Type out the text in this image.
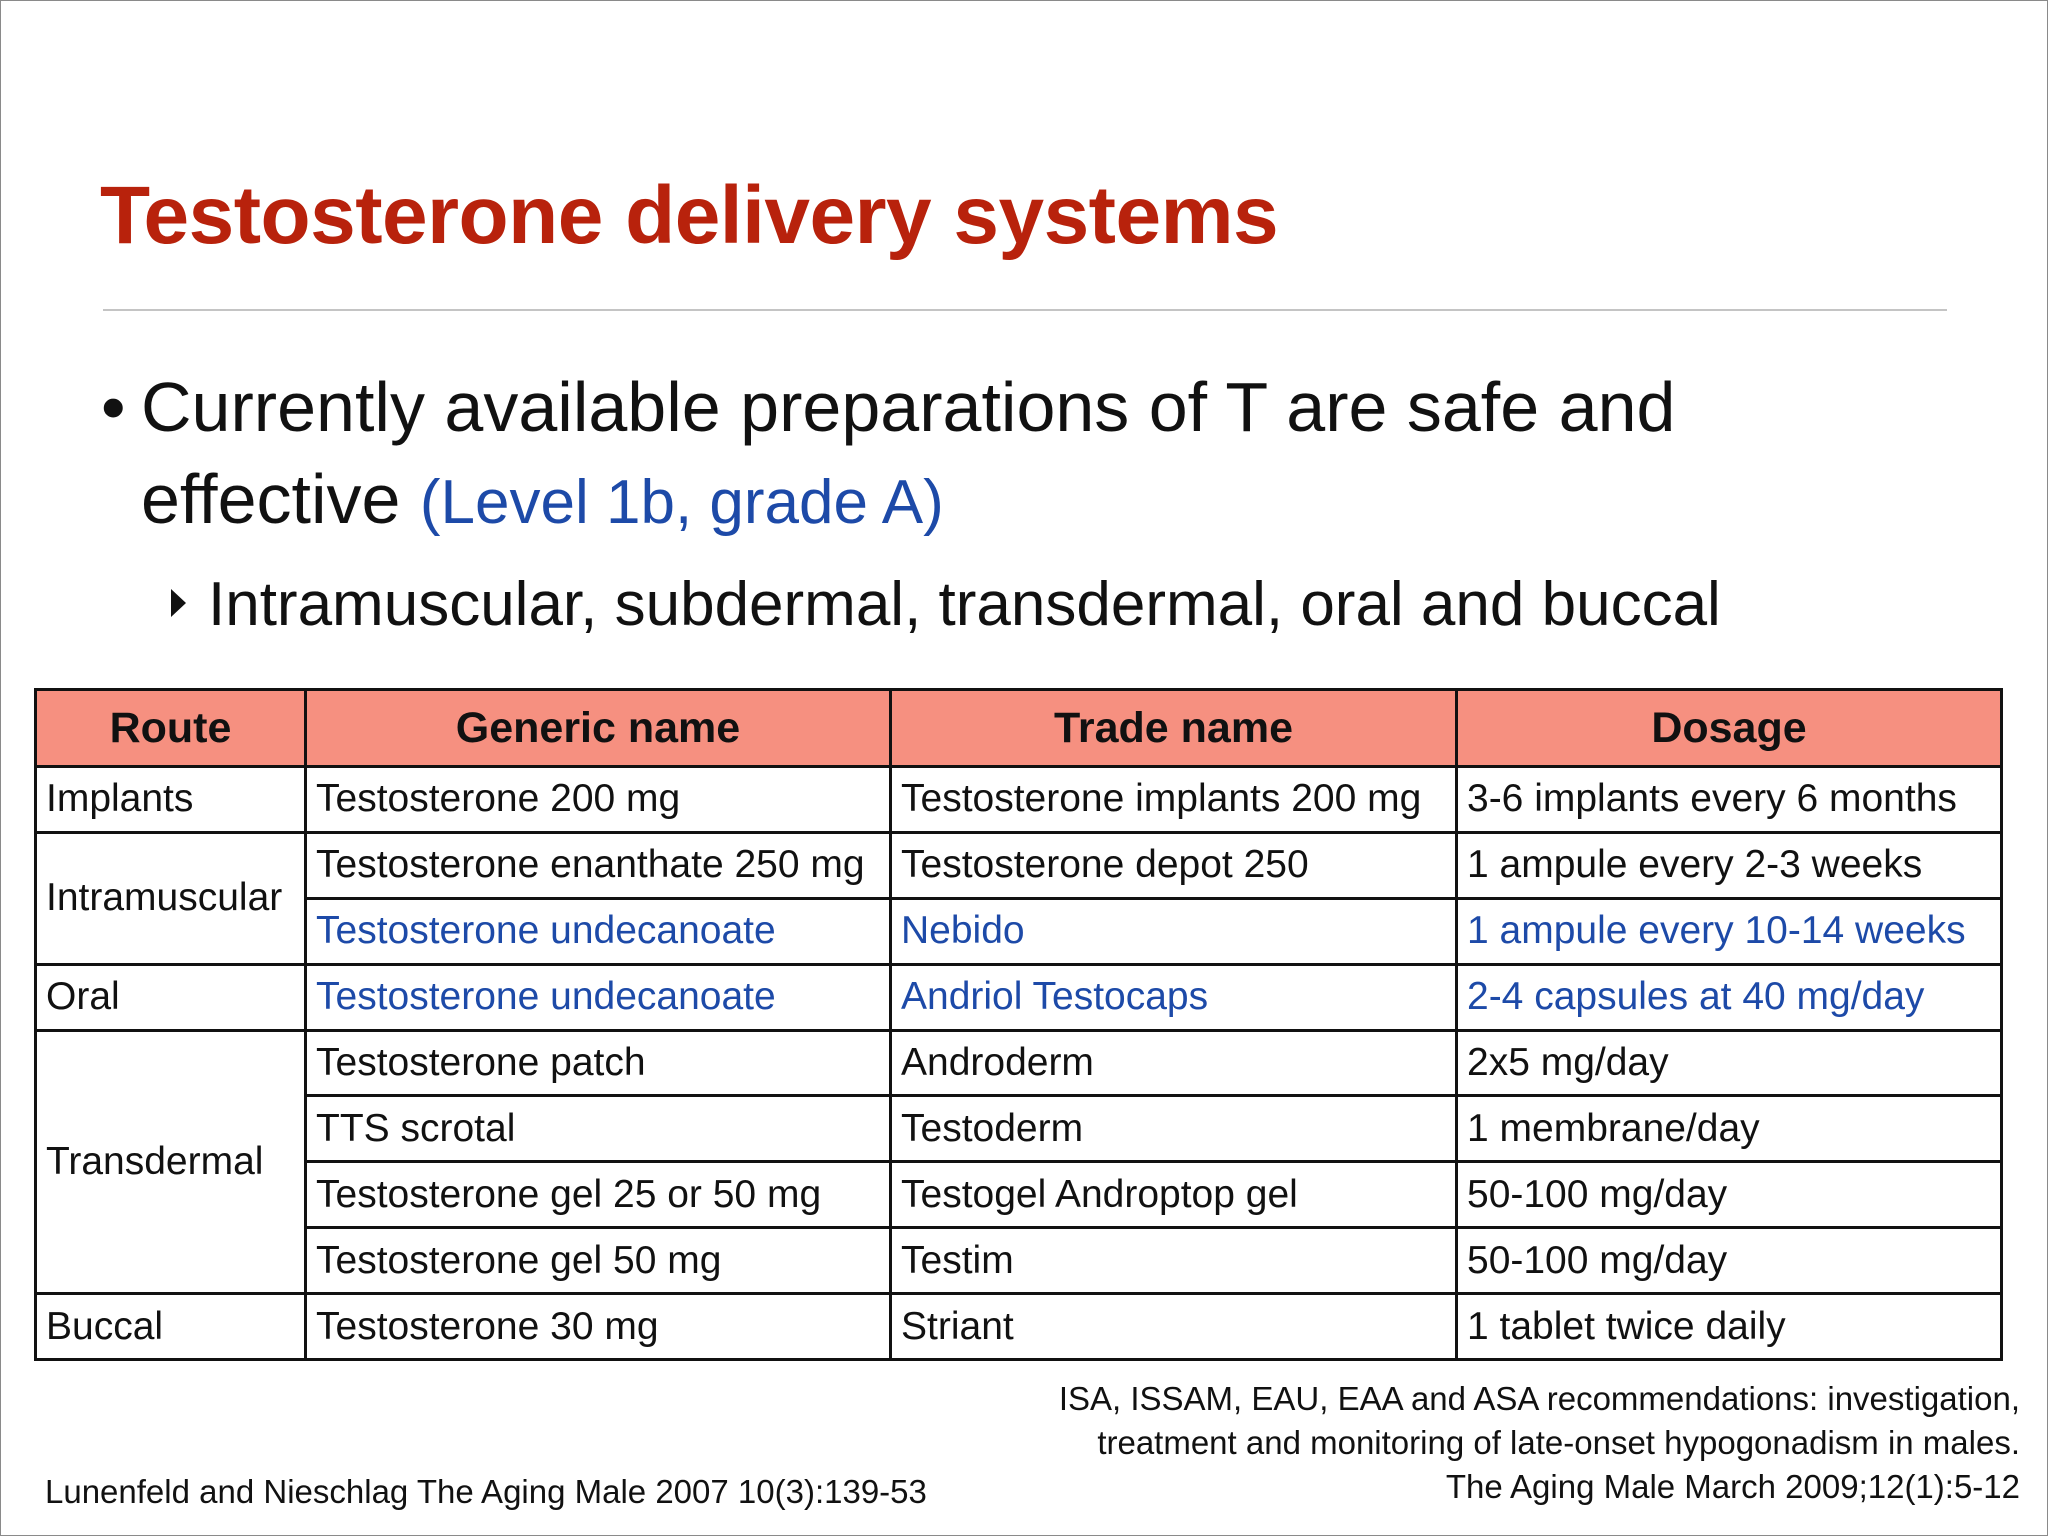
Testosterone delivery systems
• Currently available preparations of T are safe and effective (Level 1b, grade A)
Intramuscular, subdermal, transdermal, oral and buccal
Route	Generic name	Trade name	Dosage
Implants	Testosterone 200 mg	Testosterone implants 200 mg	3-6 implants every 6 months
Intramuscular	Testosterone enanthate 250 mg	Testosterone depot 250	1 ampule every 2-3 weeks
	Testosterone undecanoate	Nebido	1 ampule every 10-14 weeks
Oral	Testosterone undecanoate	Andriol Testocaps	2-4 capsules at 40 mg/day
Transdermal	Testosterone patch	Androderm	2x5 mg/day
	TTS scrotal	Testoderm	1 membrane/day
	Testosterone gel 25 or 50 mg	Testogel Androptop gel	50-100 mg/day
	Testosterone gel 50 mg	Testim	50-100 mg/day
Buccal	Testosterone 30 mg	Striant	1 tablet twice daily
ISA, ISSAM, EAU, EAA and ASA recommendations: investigation,
treatment and monitoring of late-onset hypogonadism in males.
The Aging Male March 2009;12(1):5-12
Lunenfeld and Nieschlag The Aging Male 2007 10(3):139-53
